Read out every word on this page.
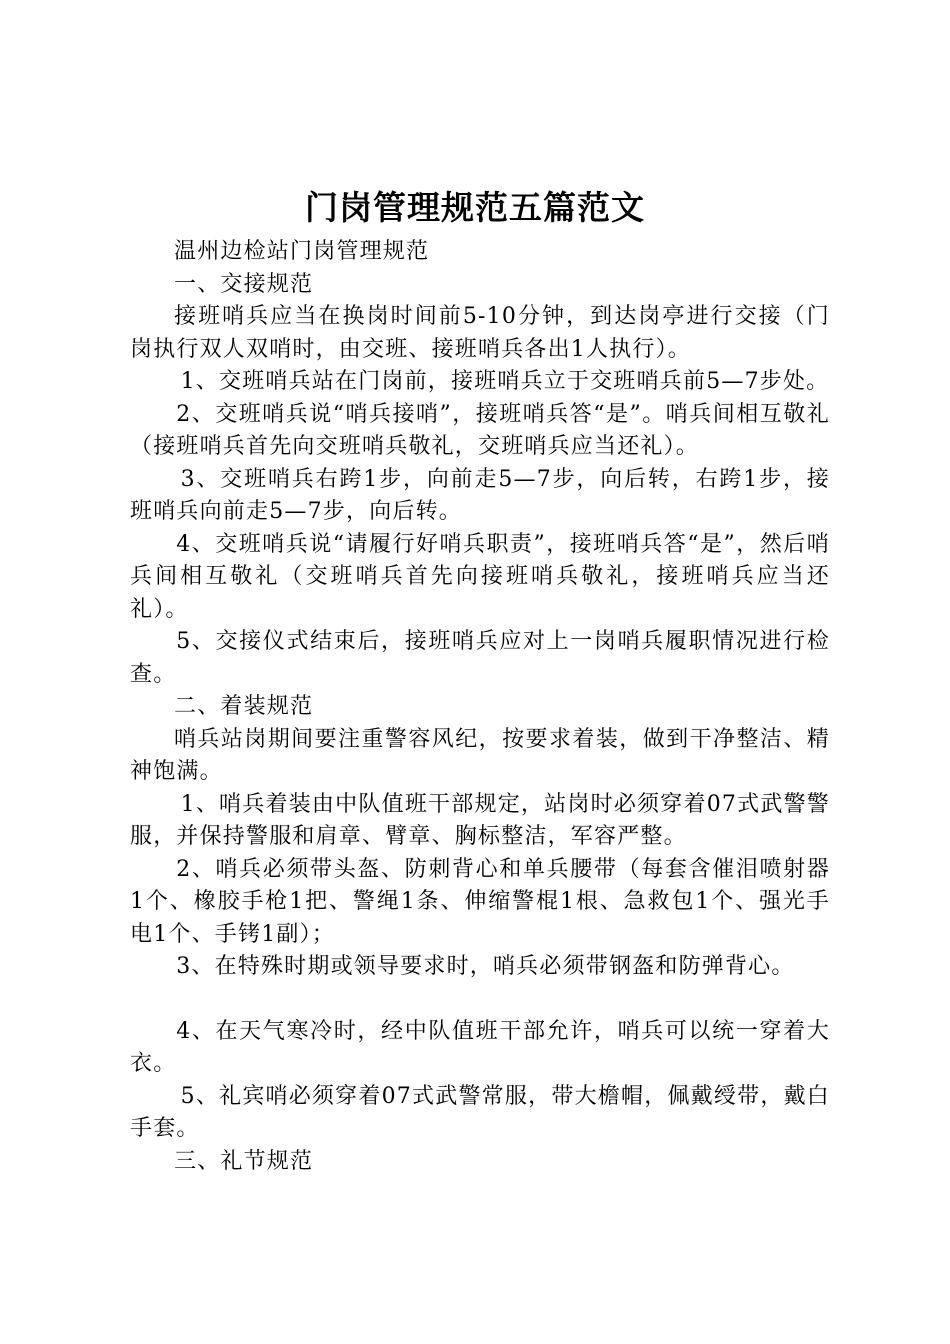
门岗管理规范五篇范文

温州边检站门岗管理规范

一、交接规范

接班哨兵应当在换岗时间前5-10分钟，到达岗亭进行交接（门岗执行双人双哨时，由交班、接班哨兵各出1人执行）。

1、交班哨兵站在门岗前，接班哨兵立于交班哨兵前5—7步处。

2、交班哨兵说“哨兵接哨”，接班哨兵答“是”。哨兵间相互敬礼（接班哨兵首先向交班哨兵敬礼，交班哨兵应当还礼）。

3、交班哨兵右跨1步，向前走5—7步，向后转，右跨1步，接班哨兵向前走5—7步，向后转。

4、交班哨兵说“请履行好哨兵职责”，接班哨兵答“是”，然后哨兵间相互敬礼（交班哨兵首先向接班哨兵敬礼，接班哨兵应当还礼）。

5、交接仪式结束后，接班哨兵应对上一岗哨兵履职情况进行检查。

二、着装规范

哨兵站岗期间要注重警容风纪，按要求着装，做到干净整洁、精神饱满。

1、哨兵着装由中队值班干部规定，站岗时必须穿着07式武警警服，并保持警服和肩章、臂章、胸标整洁，军容严整。

2、哨兵必须带头盔、防刺背心和单兵腰带（每套含催泪喷射器1个、橡胶手枪1把、警绳1条、伸缩警棍1根、急救包1个、强光手电1个、手铐1副）；

3、在特殊时期或领导要求时，哨兵必须带钢盔和防弹背心。

4、在天气寒冷时，经中队值班干部允许，哨兵可以统一穿着大衣。

5、礼宾哨必须穿着07式武警常服，带大檐帽，佩戴绶带，戴白手套。

三、礼节规范
